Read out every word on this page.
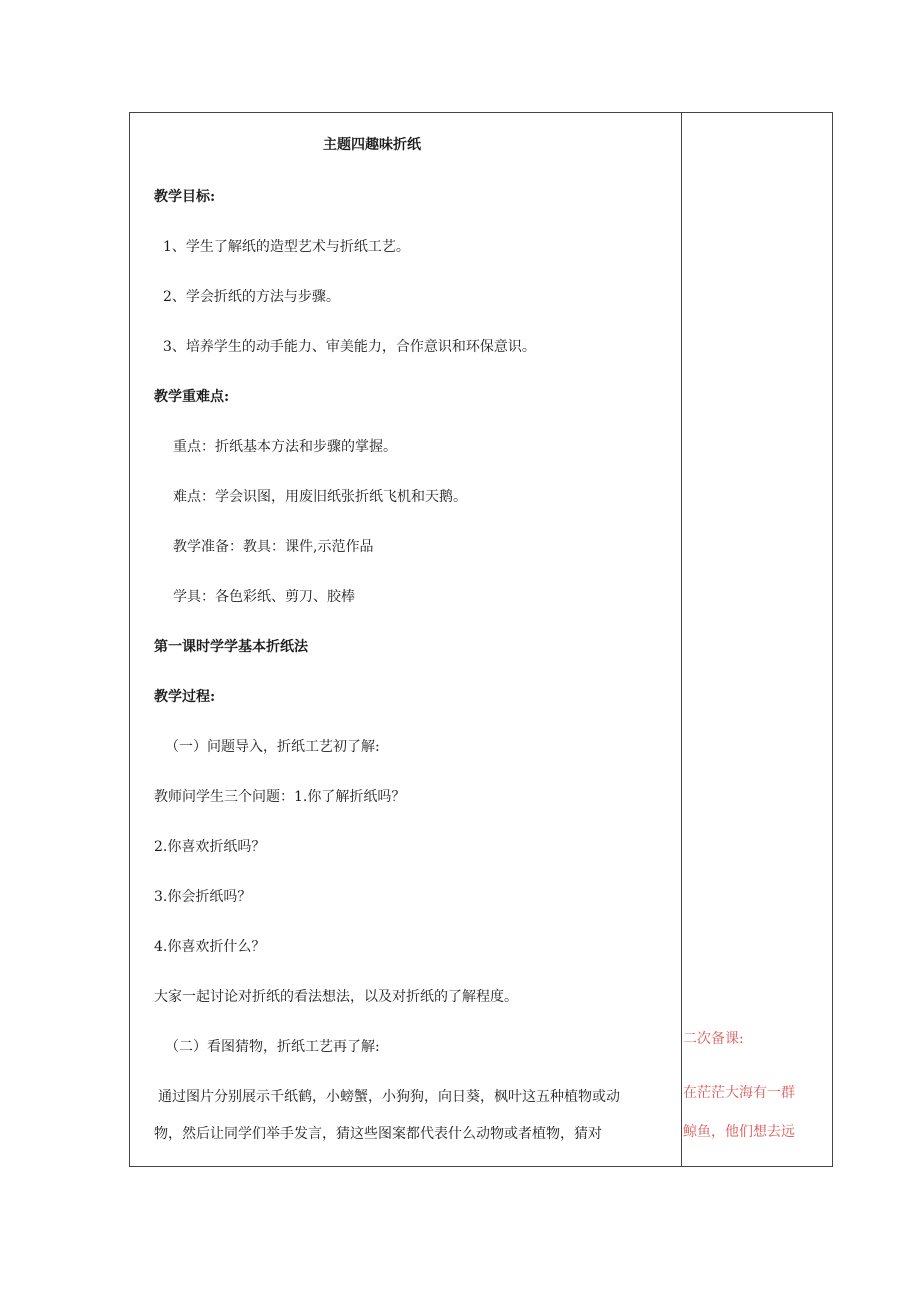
主题四趣味折纸
教学目标:
1、学生了解纸的造型艺术与折纸工艺。
2、学会折纸的方法与步骤。
3、培养学生的动手能力、审美能力，合作意识和环保意识。
教学重难点:
重点：折纸基本方法和步骤的掌握。
难点：学会识图，用废旧纸张折纸飞机和天鹅。
教学准备：教具：课件,示范作品
学具：各色彩纸、剪刀、胶棒
第一课时学学基本折纸法
教学过程:
（一）问题导入，折纸工艺初了解:
教师问学生三个问题：1.你了解折纸吗？
2.你喜欢折纸吗？
3.你会折纸吗？
4.你喜欢折什么？
大家一起讨论对折纸的看法想法，以及对折纸的了解程度。
（二）看图猜物，折纸工艺再了解:
通过图片分别展示千纸鹤，小螃蟹，小狗狗，向日葵，枫叶这五种植物或动
物，然后让同学们举手发言，猜这些图案都代表什么动物或者植物，猜对
二次备课:
在茫茫大海有一群
鲸鱼，他们想去远
